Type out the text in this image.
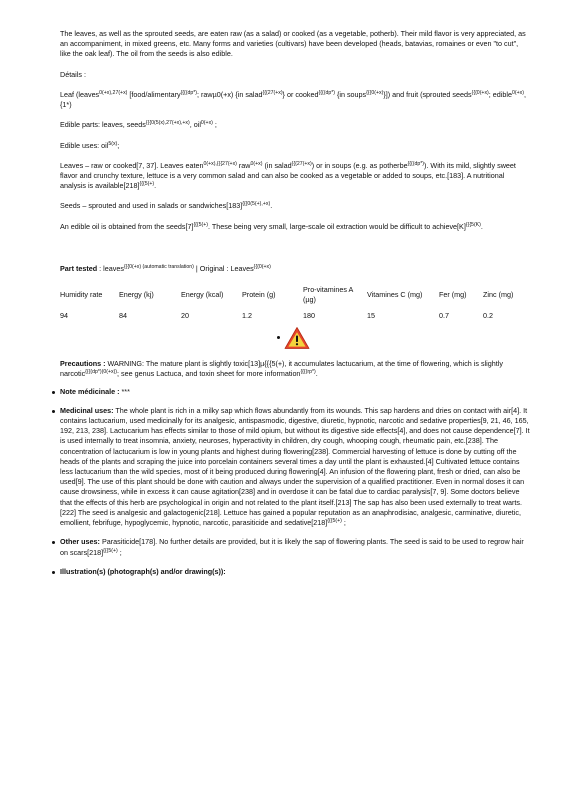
The leaves, as well as the sprouted seeds, are eaten raw (as a salad) or cooked (as a vegetable, potherb). Their mild flavor is very appreciated, as an accompaniment, in mixed greens, etc. Many forms and varieties (cultivars) have been developed (heads, batavias, romaines or even "to cut", like the oak leaf). The oil from the seeds is also edible.

Détails :

Leaf (leaves$^{0(+x),27(+x)}$ [food/alimentary$^{\{\{\{(dp*)}$; rawµ0(+x) {in salad$^{\{\{\{27(+x)}$} or cooked$^{\{\{\{(dp*)}$ {in soups$^{\{\{\{0(+x)}$}]) and fruit (sprouted seeds$^{\{\{\{0(+x)}$; edible$^{0(+x)}$,{1*)

Edible parts: leaves, seeds$^{\{\{\{0(5(x),27(+x),+x)}$, oil$^{0(+x)}$ ;

Edible uses: oil$^{5(x)}$;

Leaves – raw or cooked[7, 37]. Leaves eaten$^{0(+x),\{\{\{27(+x)}$ raw$^{0(+x)}$ (in salad$^{\{\{\{27(+x)}$) or in soups (e.g. as potherbe$^{\{\{\{(dp*)}$). With its mild, slightly sweet flavor and crunchy texture, lettuce is a very common salad and can also be cooked as a vegetable or added to soups, etc.[183]. A nutritional analysis is $available[218]^{\{\{\{5(+)}$.

Seeds – sprouted and used in salads or $sandwiches[183]^{\{\{\{0(5(+),+x)}$.

An edible oil is obtained from the $seeds[7]^{\{\{\{5(+)}$. These being very small, large-scale oil extraction would be difficult to $achieve[K]^{\{\{\{5(K)}$.

Part tested : leaves$^{\{\{\{0(+x) (automatic translation)}$ | Original : Leaves$^{\{\{\{0(+x)}$

Humidity rate	Energy (kj)	Energy (kcal)	Protein (g)	Pro-vitamines A (µg)	Vitamines C (mg)	Fer (mg)	Zinc (mg)
94	84	20	1.2	180	15	0.7	0.2

Precautions : WARNING: The mature plant is slightly toxic[13]µ{{{5(+), it accumulates lactucarium, at the time of flowering, which is slightly narcotic$^{\{\{\{(dp*)(0(+x))}$; see genus Lactuca, and toxin sheet for more information$^{\{\{\{(rp*)}$.

Note médicinale : ***
Medicinal uses: The whole plant is rich in a milky sap which flows abundantly from its wounds. This sap hardens and dries on contact with air[4]. It contains lactucarium, used medicinally for its analgesic, antispasmodic, digestive, diuretic, hypnotic, narcotic and sedative properties[9, 21, 46, 165, 192, 213, 238]. Lactucarium has effects similar to those of mild opium, but without its digestive side effects[4], and does not cause dependence[7]. It is used internally to treat insomnia, anxiety, neuroses, hyperactivity in children, dry cough, whooping cough, rheumatic pain, etc.[238]. The concentration of lactucarium is low in young plants and highest during flowering[238]. Commercial harvesting of lettuce is done by cutting off the heads of the plants and scraping the juice into porcelain containers several times a day until the plant is exhausted.[4] Cultivated lettuce contains less lactucarium than the wild species, most of it being produced during flowering[4]. An infusion of the flowering plant, fresh or dried, can also be used[9]. The use of this plant should be done with caution and always under the supervision of a qualified practitioner. Even in normal doses it can cause drowsiness, while in excess it can cause agitation[238] and in overdose it can be fatal due to cardiac paralysis[7, 9]. Some doctors believe that the effects of this herb are psychological in origin and not related to the plant itself.[213] The sap has also been used externally to treat warts.[222] The seed is analgesic and galactogenic[218]. Lettuce has gained a popular reputation as an anaphrodisiac, analgesic, carminative, diuretic, emollient, febrifuge, hypoglycemic, hypnotic, narcotic, parasiticide and $sedative[218]^{\{\{\{5(+)}$ ;
Other uses: Parasiticide[178]. No further details are provided, but it is likely the sap of flowering plants. The seed is said to be used to regrow hair on $scars[218]^{\{\{\{5(+)}$ ;
Illustration(s) (photograph(s) and/or drawing(s)):
